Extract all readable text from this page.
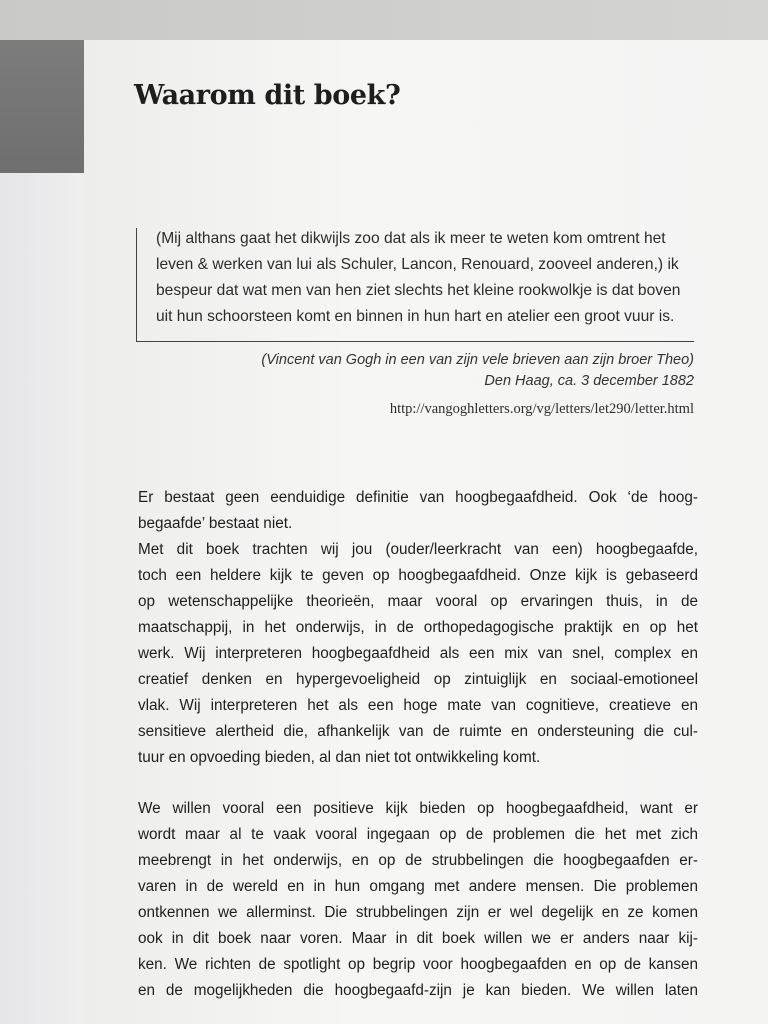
Waarom dit boek?

(Mij althans gaat het dikwijls zoo dat als ik meer te weten kom omtrent het

leven & werken van lui als Schuler, Lancon, Renouard, zooveel anderen,) ik

bespeur dat wat men van hen ziet slechts het kleine rookwolkje is dat boven

uit hun schoorsteen komt en binnen in hun hart en atelier een groot vuur is.

(Vincent van Gogh in een van zijn vele brieven aan zijn broer Theo)
Den Haag, ca. 3 december 1882
http://vangoghletters.org/vg/letters/let290/letter.html

Er bestaat geen eenduidige definitie van hoogbegaafdheid. Ook ‘de hoog-

begaafde’ bestaat niet.

Met dit boek trachten wij jou (ouder/leerkracht van een) hoogbegaafde,

toch een heldere kijk te geven op hoogbegaafdheid. Onze kijk is gebaseerd

op wetenschappelijke theorieën, maar vooral op ervaringen thuis, in de

maatschappij, in het onderwijs, in de orthopedagogische praktijk en op het

werk. Wij interpreteren hoogbegaafdheid als een mix van snel, complex en

creatief denken en hypergevoeligheid op zintuiglijk en sociaal-emotioneel

vlak. Wij interpreteren het als een hoge mate van cognitieve, creatieve en

sensitieve alertheid die, afhankelijk van de ruimte en ondersteuning die cul-

tuur en opvoeding bieden, al dan niet tot ontwikkeling komt.

We willen vooral een positieve kijk bieden op hoogbegaafdheid, want er

wordt maar al te vaak vooral ingegaan op de problemen die het met zich

meebrengt in het onderwijs, en op de strubbelingen die hoogbegaafden er-

varen in de wereld en in hun omgang met andere mensen. Die problemen

ontkennen we allerminst. Die strubbelingen zijn er wel degelijk en ze komen

ook in dit boek naar voren. Maar in dit boek willen we er anders naar kij-

ken. We richten de spotlight op begrip voor hoogbegaafden en op de kansen

en de mogelijkheden die hoogbegaafd-zijn je kan bieden. We willen laten
